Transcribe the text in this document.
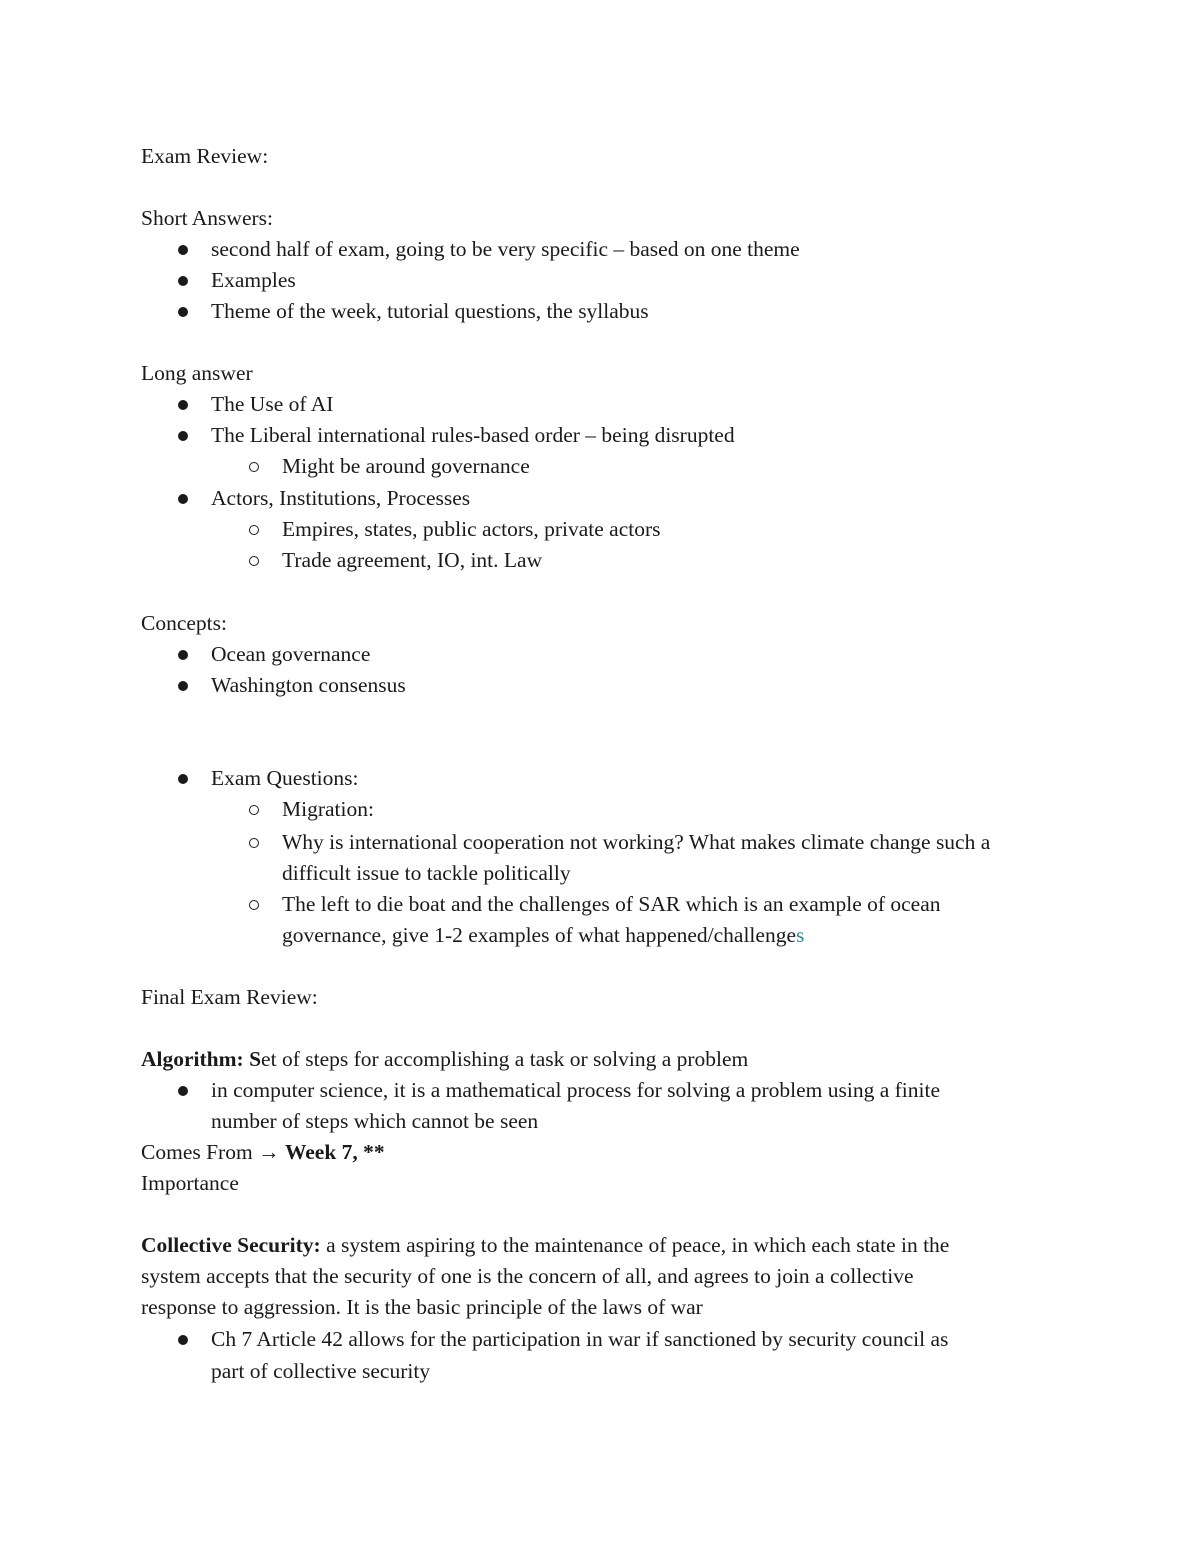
Exam Review:
Short Answers:
second half of exam, going to be very specific – based on one theme
Examples
Theme of the week, tutorial questions, the syllabus
Long answer
The Use of AI
The Liberal international rules-based order – being disrupted
Might be around governance
Actors, Institutions, Processes
Empires, states, public actors, private actors
Trade agreement, IO, int. Law
Concepts:
Ocean governance
Washington consensus
Exam Questions:
Migration:
Why is international cooperation not working? What makes climate change such a
difficult issue to tackle politically
The left to die boat and the challenges of SAR which is an example of ocean
governance, give 1-2 examples of what happened/challenges
Final Exam Review:
Algorithm: Set of steps for accomplishing a task or solving a problem
in computer science, it is a mathematical process for solving a problem using a finite
number of steps which cannot be seen
Comes From → Week 7, **
Importance
Collective Security: a system aspiring to the maintenance of peace, in which each state in the
system accepts that the security of one is the concern of all, and agrees to join a collective
response to aggression. It is the basic principle of the laws of war
Ch 7 Article 42 allows for the participation in war if sanctioned by security council as
part of collective security
